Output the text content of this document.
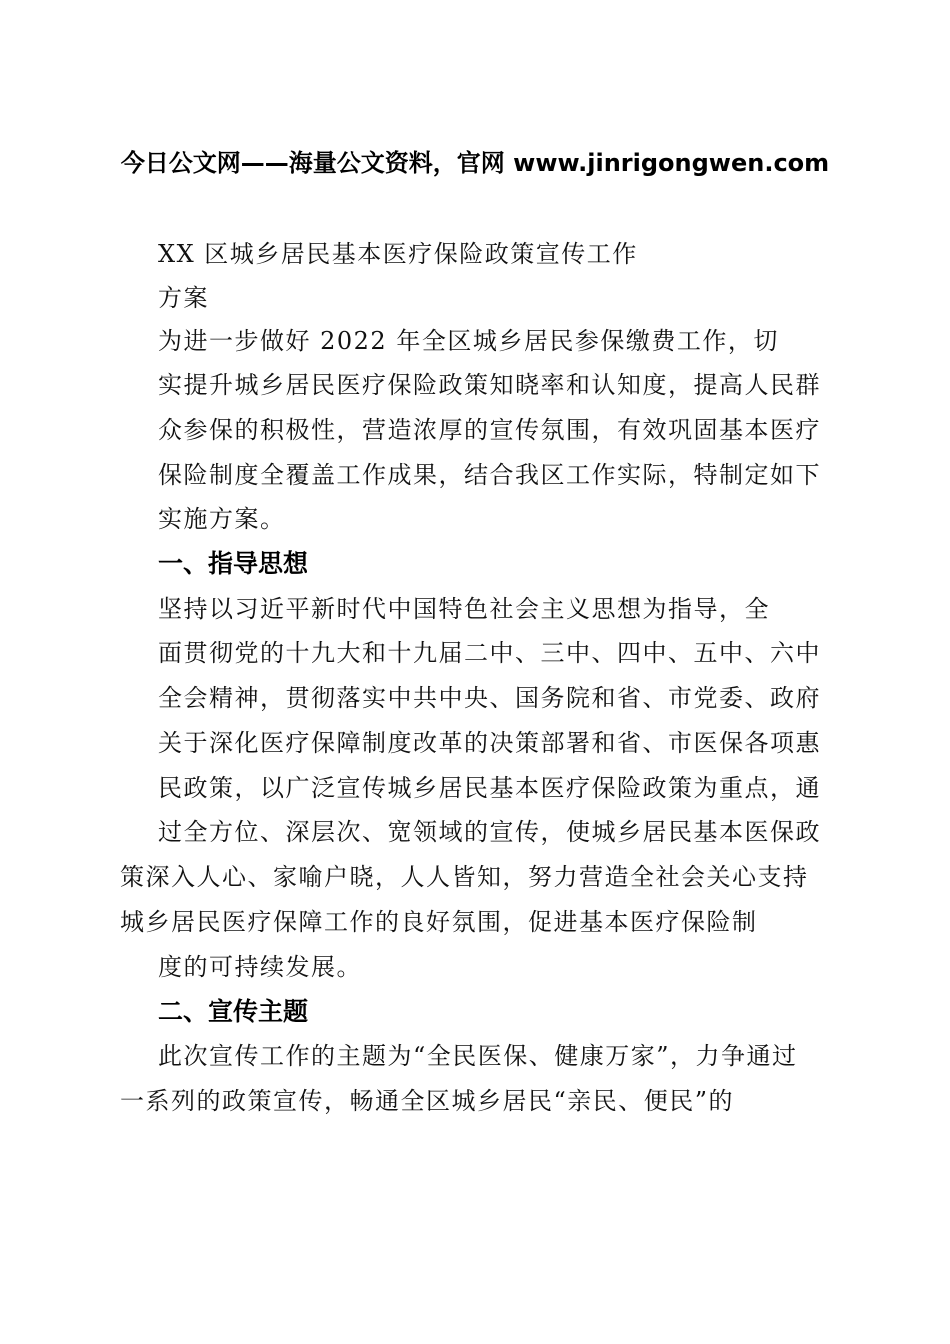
今日公文网——海量公文资料，官网 www.jinrigongwen.com
XX 区城乡居民基本医疗保险政策宣传工作
方案
为进一步做好 2022 年全区城乡居民参保缴费工作，切
实提升城乡居民医疗保险政策知晓率和认知度，提高人民群
众参保的积极性，营造浓厚的宣传氛围，有效巩固基本医疗
保险制度全覆盖工作成果，结合我区工作实际，特制定如下
实施方案。
一、指导思想
坚持以习近平新时代中国特色社会主义思想为指导，全
面贯彻党的十九大和十九届二中、三中、四中、五中、六中
全会精神，贯彻落实中共中央、国务院和省、市党委、政府
关于深化医疗保障制度改革的决策部署和省、市医保各项惠
民政策，以广泛宣传城乡居民基本医疗保险政策为重点，通
过全方位、深层次、宽领域的宣传，使城乡居民基本医保政
策深入人心、家喻户晓，人人皆知，努力营造全社会关心支持
城乡居民医疗保障工作的良好氛围，促进基本医疗保险制
度的可持续发展。
二、宣传主题
此次宣传工作的主题为“全民医保、健康万家”，力争通过
一系列的政策宣传，畅通全区城乡居民“亲民、便民”的
